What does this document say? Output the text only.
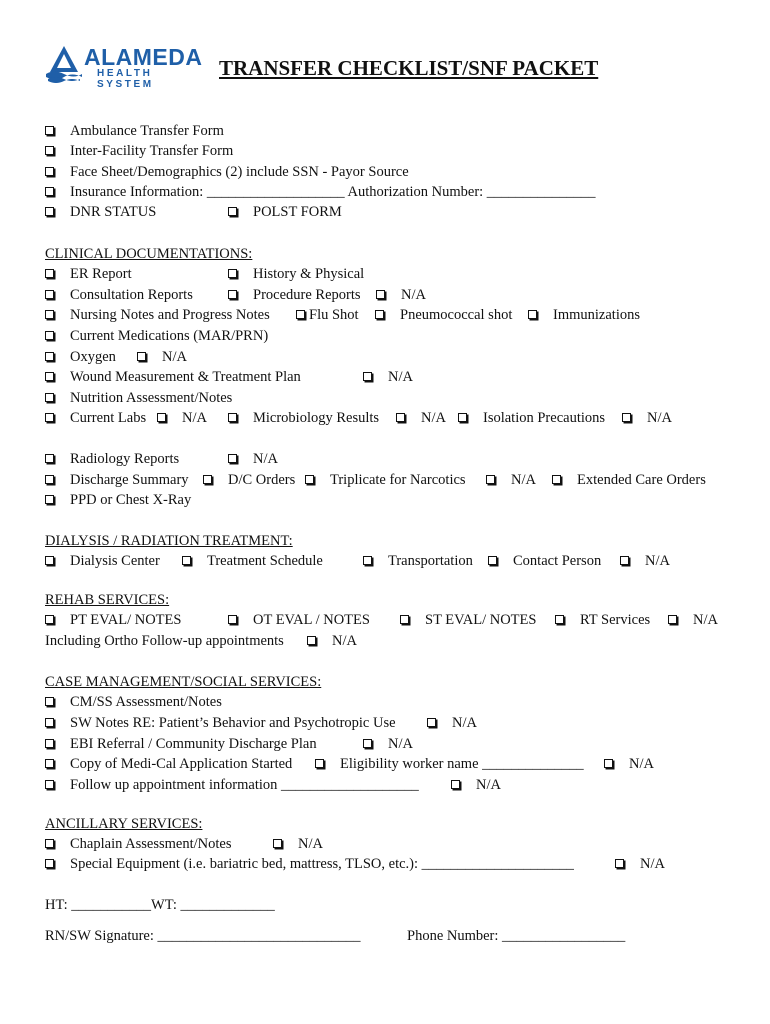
ALAMEDA
HEALTH SYSTEM
TRANSFER CHECKLIST/SNF PACKET
Ambulance Transfer Form
Inter-Facility Transfer Form
Face Sheet/Demographics (2) include SSN - Payor Source
Insurance Information: ___________________ Authorization Number: _______________
DNR STATUS	POLST FORM
CLINICAL DOCUMENTATIONS:
ER Report	History & Physical
Consultation Reports	Procedure Reports	N/A
Nursing Notes and Progress Notes	Flu Shot	Pneumococcal shot	Immunizations
Current Medications (MAR/PRN)
Oxygen	N/A
Wound Measurement & Treatment Plan	N/A
Nutrition Assessment/Notes
Current Labs	N/A	Microbiology Results	N/A	Isolation Precautions	N/A
Radiology Reports	N/A
Discharge Summary	D/C Orders	Triplicate for Narcotics	N/A	Extended Care Orders
PPD or Chest X-Ray
DIALYSIS / RADIATION TREATMENT:
Dialysis Center	Treatment Schedule	Transportation	Contact Person	N/A
REHAB SERVICES:
PT EVAL/ NOTES	OT EVAL / NOTES	ST EVAL/ NOTES	RT Services	N/A
Including Ortho Follow-up appointments	N/A
CASE MANAGEMENT/SOCIAL SERVICES:
CM/SS Assessment/Notes
SW Notes RE: Patient’s Behavior and Psychotropic Use	N/A
EBI Referral / Community Discharge Plan	N/A
Copy of Medi-Cal Application Started	Eligibility worker name ______________	N/A
Follow up appointment information ___________________	N/A
ANCILLARY SERVICES:
Chaplain Assessment/Notes	N/A
Special Equipment (i.e. bariatric bed, mattress, TLSO, etc.): _____________________	N/A
HT: ___________WT: _____________
RN/SW Signature: ____________________________	Phone Number: _________________
